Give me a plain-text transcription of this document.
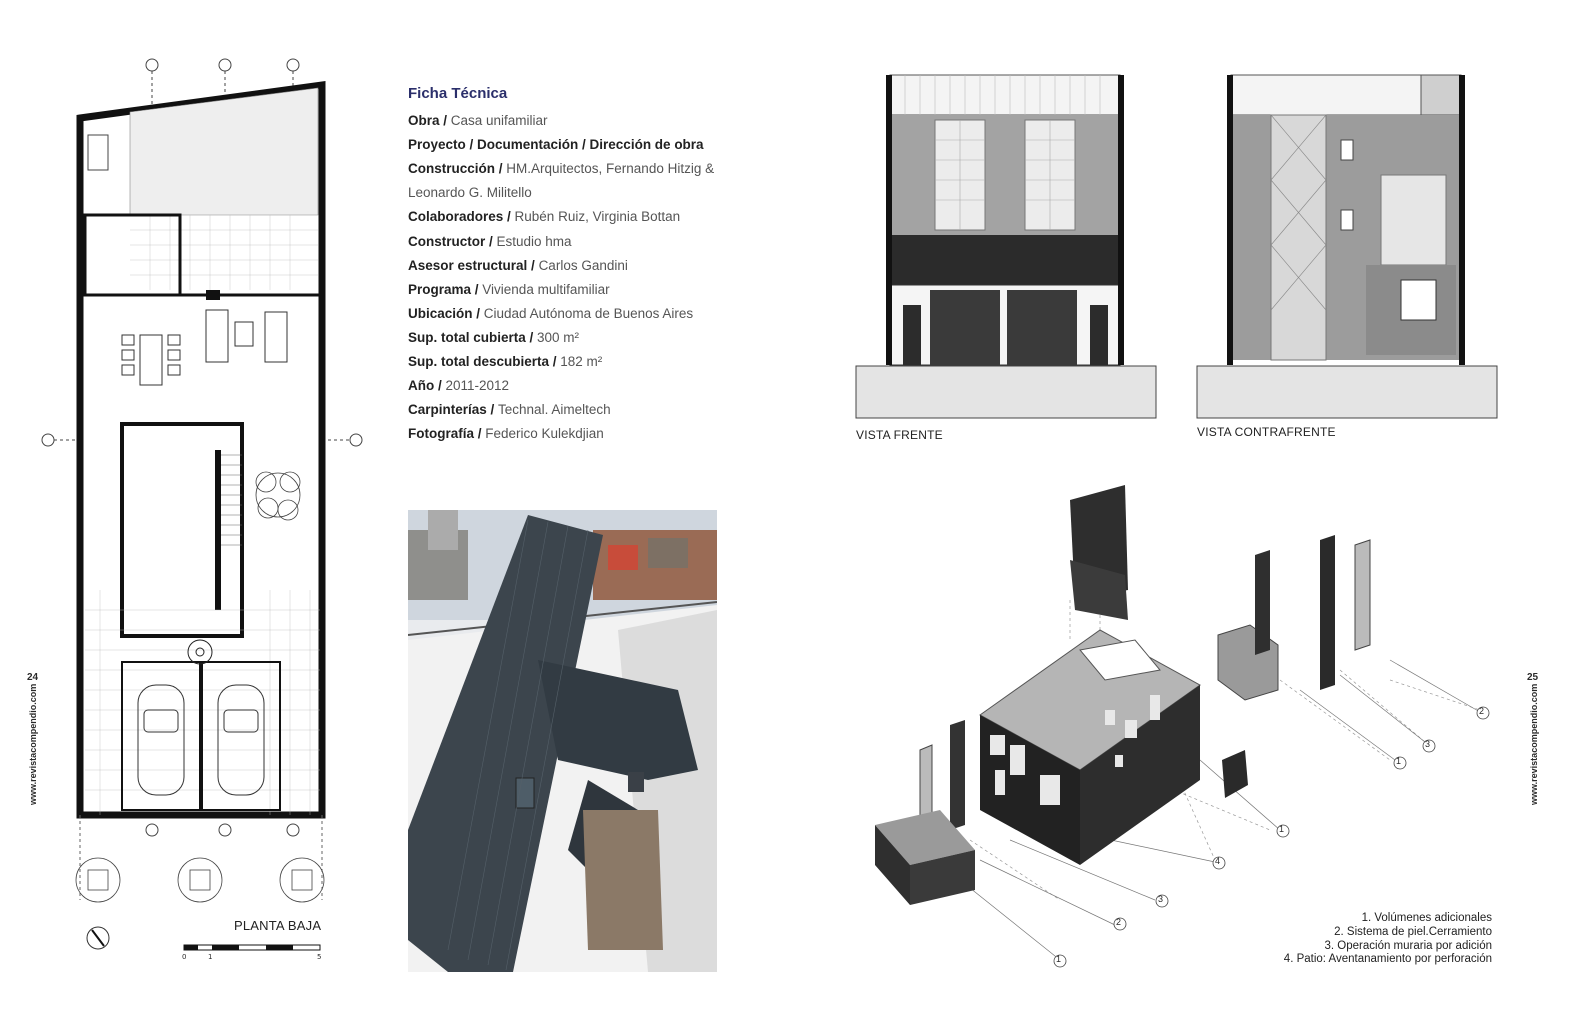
PLANTA BAJA
0	1	5
24
www.revistacompendio.com
Ficha Técnica
Obra / Casa unifamiliar
Proyecto / Documentación / Dirección de obra
Construcción / HM.Arquitectos, Fernando Hitzig &
Leonardo G. Militello
Colaboradores / Rubén Ruiz, Virginia Bottan
Constructor / Estudio hma
Asesor estructural / Carlos Gandini
Programa / Vivienda multifamiliar
Ubicación / Ciudad Autónoma de Buenos Aires
Sup. total cubierta / 300 m²
Sup. total descubierta / 182 m²
Año / 2011-2012
Carpinterías / Technal. Aimeltech
Fotografía / Federico Kulekdjian	VISTA FRENTE	VISTA CONTRAFRENTE
2
3
1
1
4
3
2
1
1. Volúmenes adicionales
2. Sistema de piel.Cerramiento
3. Operación muraria por adición
4. Patio: Aventanamiento por perforación
25
www.revistacompendio.com
